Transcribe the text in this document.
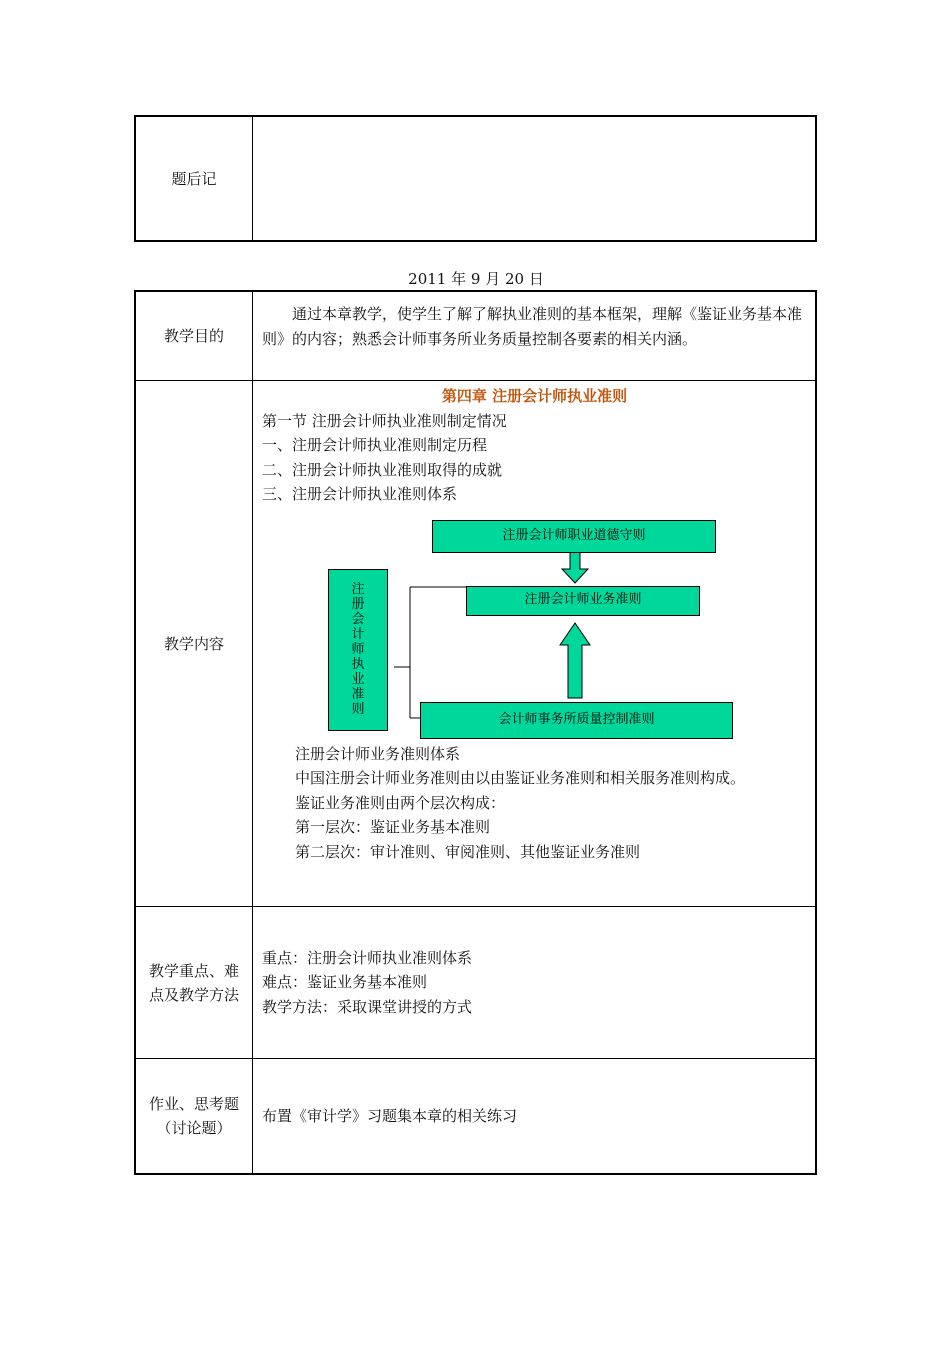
题后记
2011 年 9 月 20 日
教学目的
通过本章教学，使学生了解了解执业准则的基本框架，理解《鉴证业务基本准则》的内容；熟悉会计师事务所业务质量控制各要素的相关内涵。
教学内容
第四章 注册会计师执业准则
第一节 注册会计师执业准则制定情况
一、注册会计师执业准则制定历程
二、注册会计师执业准则取得的成就
三、注册会计师执业准则体系
注
册
会
计
师
执
业
准
则
注册会计师职业道德守则
注册会计师业务准则
会计师事务所质量控制准则
注册会计师业务准则体系
中国注册会计师业务准则由以由鉴证业务准则和相关服务准则构成。
鉴证业务准则由两个层次构成：
第一层次：鉴证业务基本准则
第二层次：审计准则、审阅准则、其他鉴证业务准则
教学重点、难点及教学方法
重点：注册会计师执业准则体系
难点：鉴证业务基本准则
教学方法：采取课堂讲授的方式
作业、思考题
（讨论题）
布置《审计学》习题集本章的相关练习
